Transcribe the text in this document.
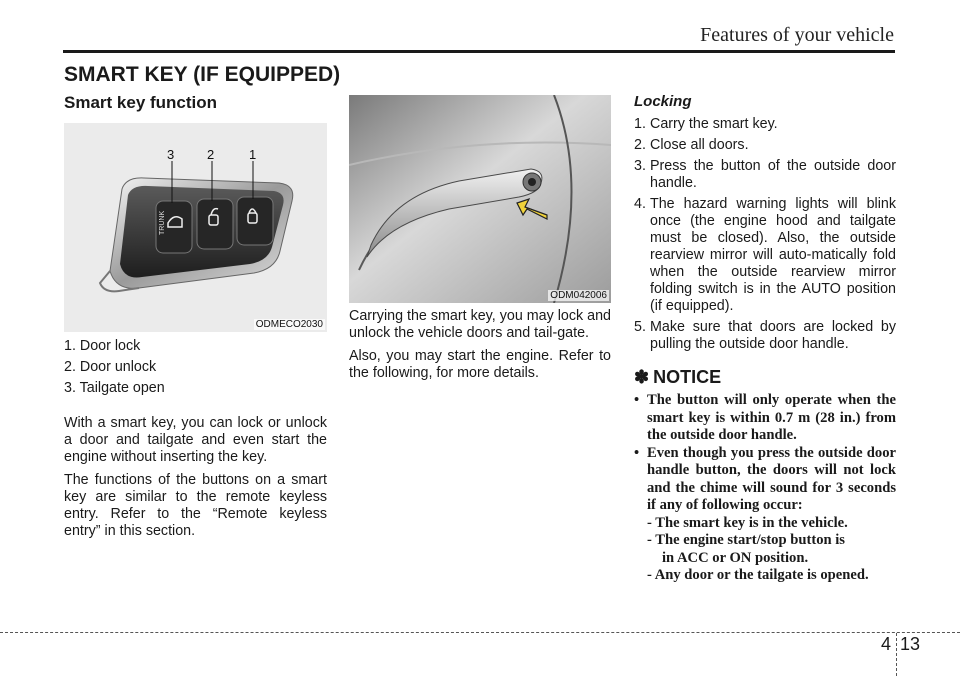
Features of your vehicle
SMART KEY (IF EQUIPPED)
Smart key function
TRUNK
3	2	1
ODMECO2030
ODM042006
1. Door lock
2. Door unlock
3. Tailgate open

With a smart key, you can lock or unlock a door and tailgate and even start the engine without inserting the key.

The functions of the buttons on a smart key are similar to the remote keyless entry. Refer to the “Remote keyless entry” in this section.

Carrying the smart key, you may lock and unlock the vehicle doors and tail-gate.

Also, you may start the engine. Refer to the following, for more details.

Locking
1. Carry the smart key.
2. Close all doors.
3. Press the button of the outside door handle.
4. The hazard warning lights will blink once (the engine hood and tailgate must be closed). Also, the outside rearview mirror will auto-matically fold when the outside rearview mirror folding switch is in the AUTO position (if equipped).
5. Make sure that doors are locked by pulling the outside door handle.
✽ NOTICE
• The button will only operate when the smart key is within 0.7 m (28 in.) from the outside door handle.
• Even though you press the outside door handle button, the doors will not lock and the chime will sound for 3 seconds if any of following occur:
- The smart key is in the vehicle.
- The engine start/stop button is
in ACC or ON position.
- Any door or the tailgate is opened.
4 13
